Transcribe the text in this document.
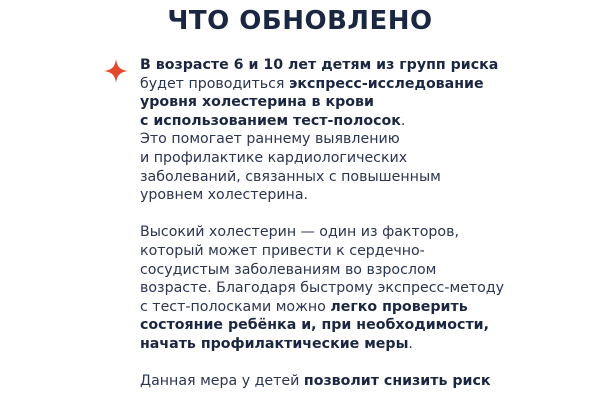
ЧТО ОБНОВЛЕНО

В возрасте 6 и 10 лет детям из групп риска
будет проводиться экспресс-исследование
уровня холестерина в крови
с использованием тест-полосок.
Это помогает раннему выявлению
и профилактике кардиологических
заболеваний, связанных с повышенным
уровнем холестерина.

Высокий холестерин — один из факторов,
который может привести к сердечно-
сосудистым заболеваниям во взрослом
возрасте. Благодаря быстрому экспресс-методу
с тест-полосками можно легко проверить
состояние ребёнка и, при необходимости,
начать профилактические меры.

Данная мера у детей позволит снизить риск
